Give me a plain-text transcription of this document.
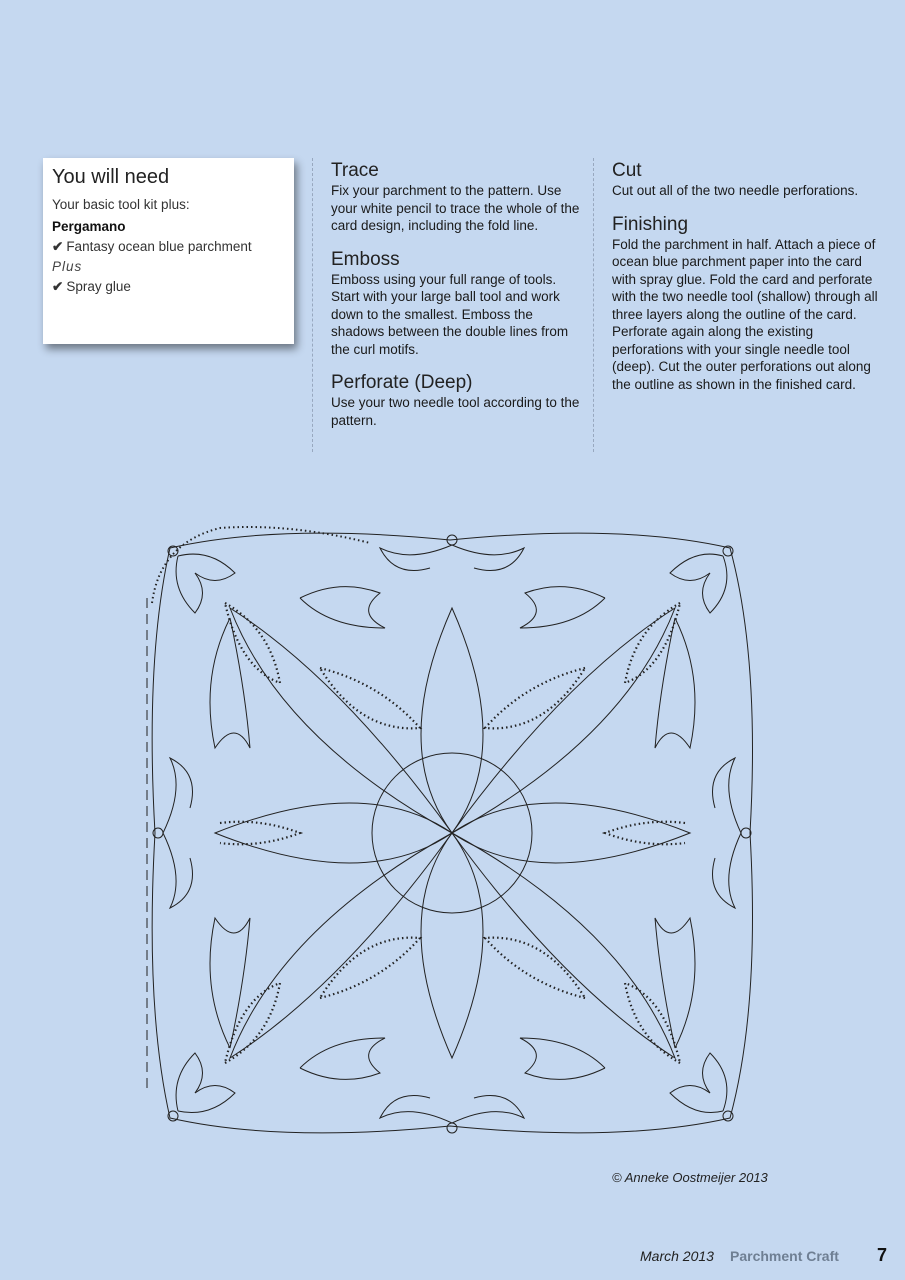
You will need
Your basic tool kit plus:
Pergamano
✔ Fantasy ocean blue parchment
Plus
✔ Spray glue
Trace

Fix your parchment to the pattern. Use your white pencil to trace the whole of the card design, including the fold line.

Emboss

Emboss using your full range of tools. Start with your large ball tool and work down to the smallest. Emboss the shadows between the double lines from the curl motifs.

Perforate (Deep)

Use your two needle tool according to the pattern.

Cut

Cut out all of the two needle perforations.

Finishing

Fold the parchment in half. Attach a piece of ocean blue parchment paper into the card with spray glue. Fold the card and perforate with the two needle tool (shallow) through all three layers along the outline of the card. Perforate again along the existing perforations with your single needle tool (deep). Cut the outer perforations out along the outline as shown in the finished card.

© Anneke Oostmeijer 2013
March 2013 Parchment Craft 7
